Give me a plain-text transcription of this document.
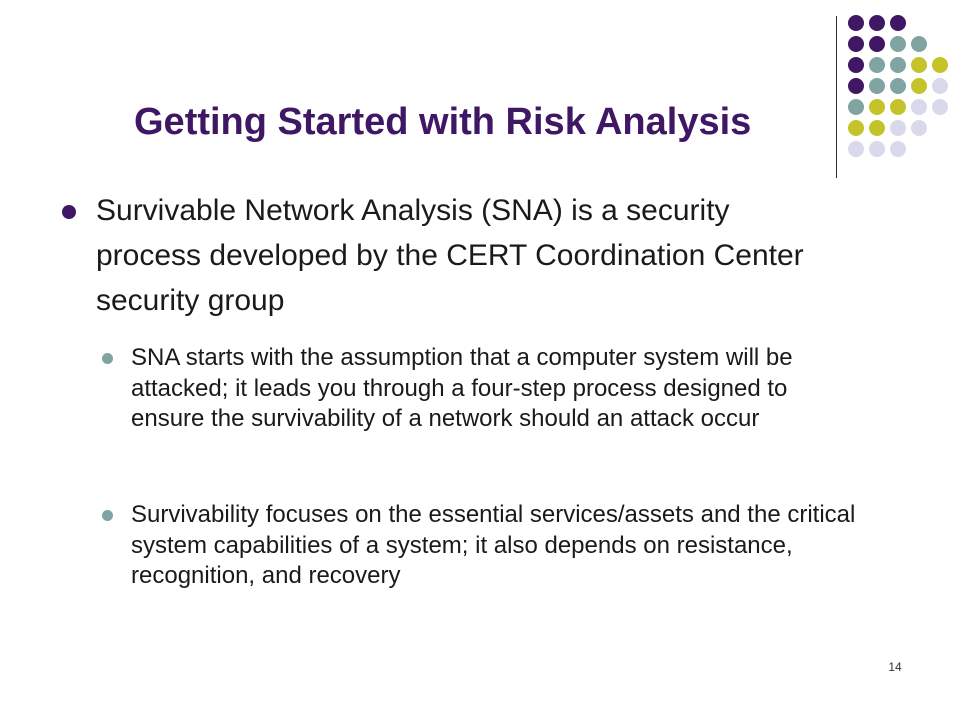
Getting Started with Risk Analysis
Survivable Network Analysis (SNA) is a security process developed by the CERT Coordination Center security group
SNA starts with the assumption that a computer system will be attacked; it leads you through a four-step process designed to ensure the survivability of a network should an attack occur
Survivability focuses on the essential services/assets and the critical system capabilities of a system; it also depends on resistance, recognition, and recovery
14
